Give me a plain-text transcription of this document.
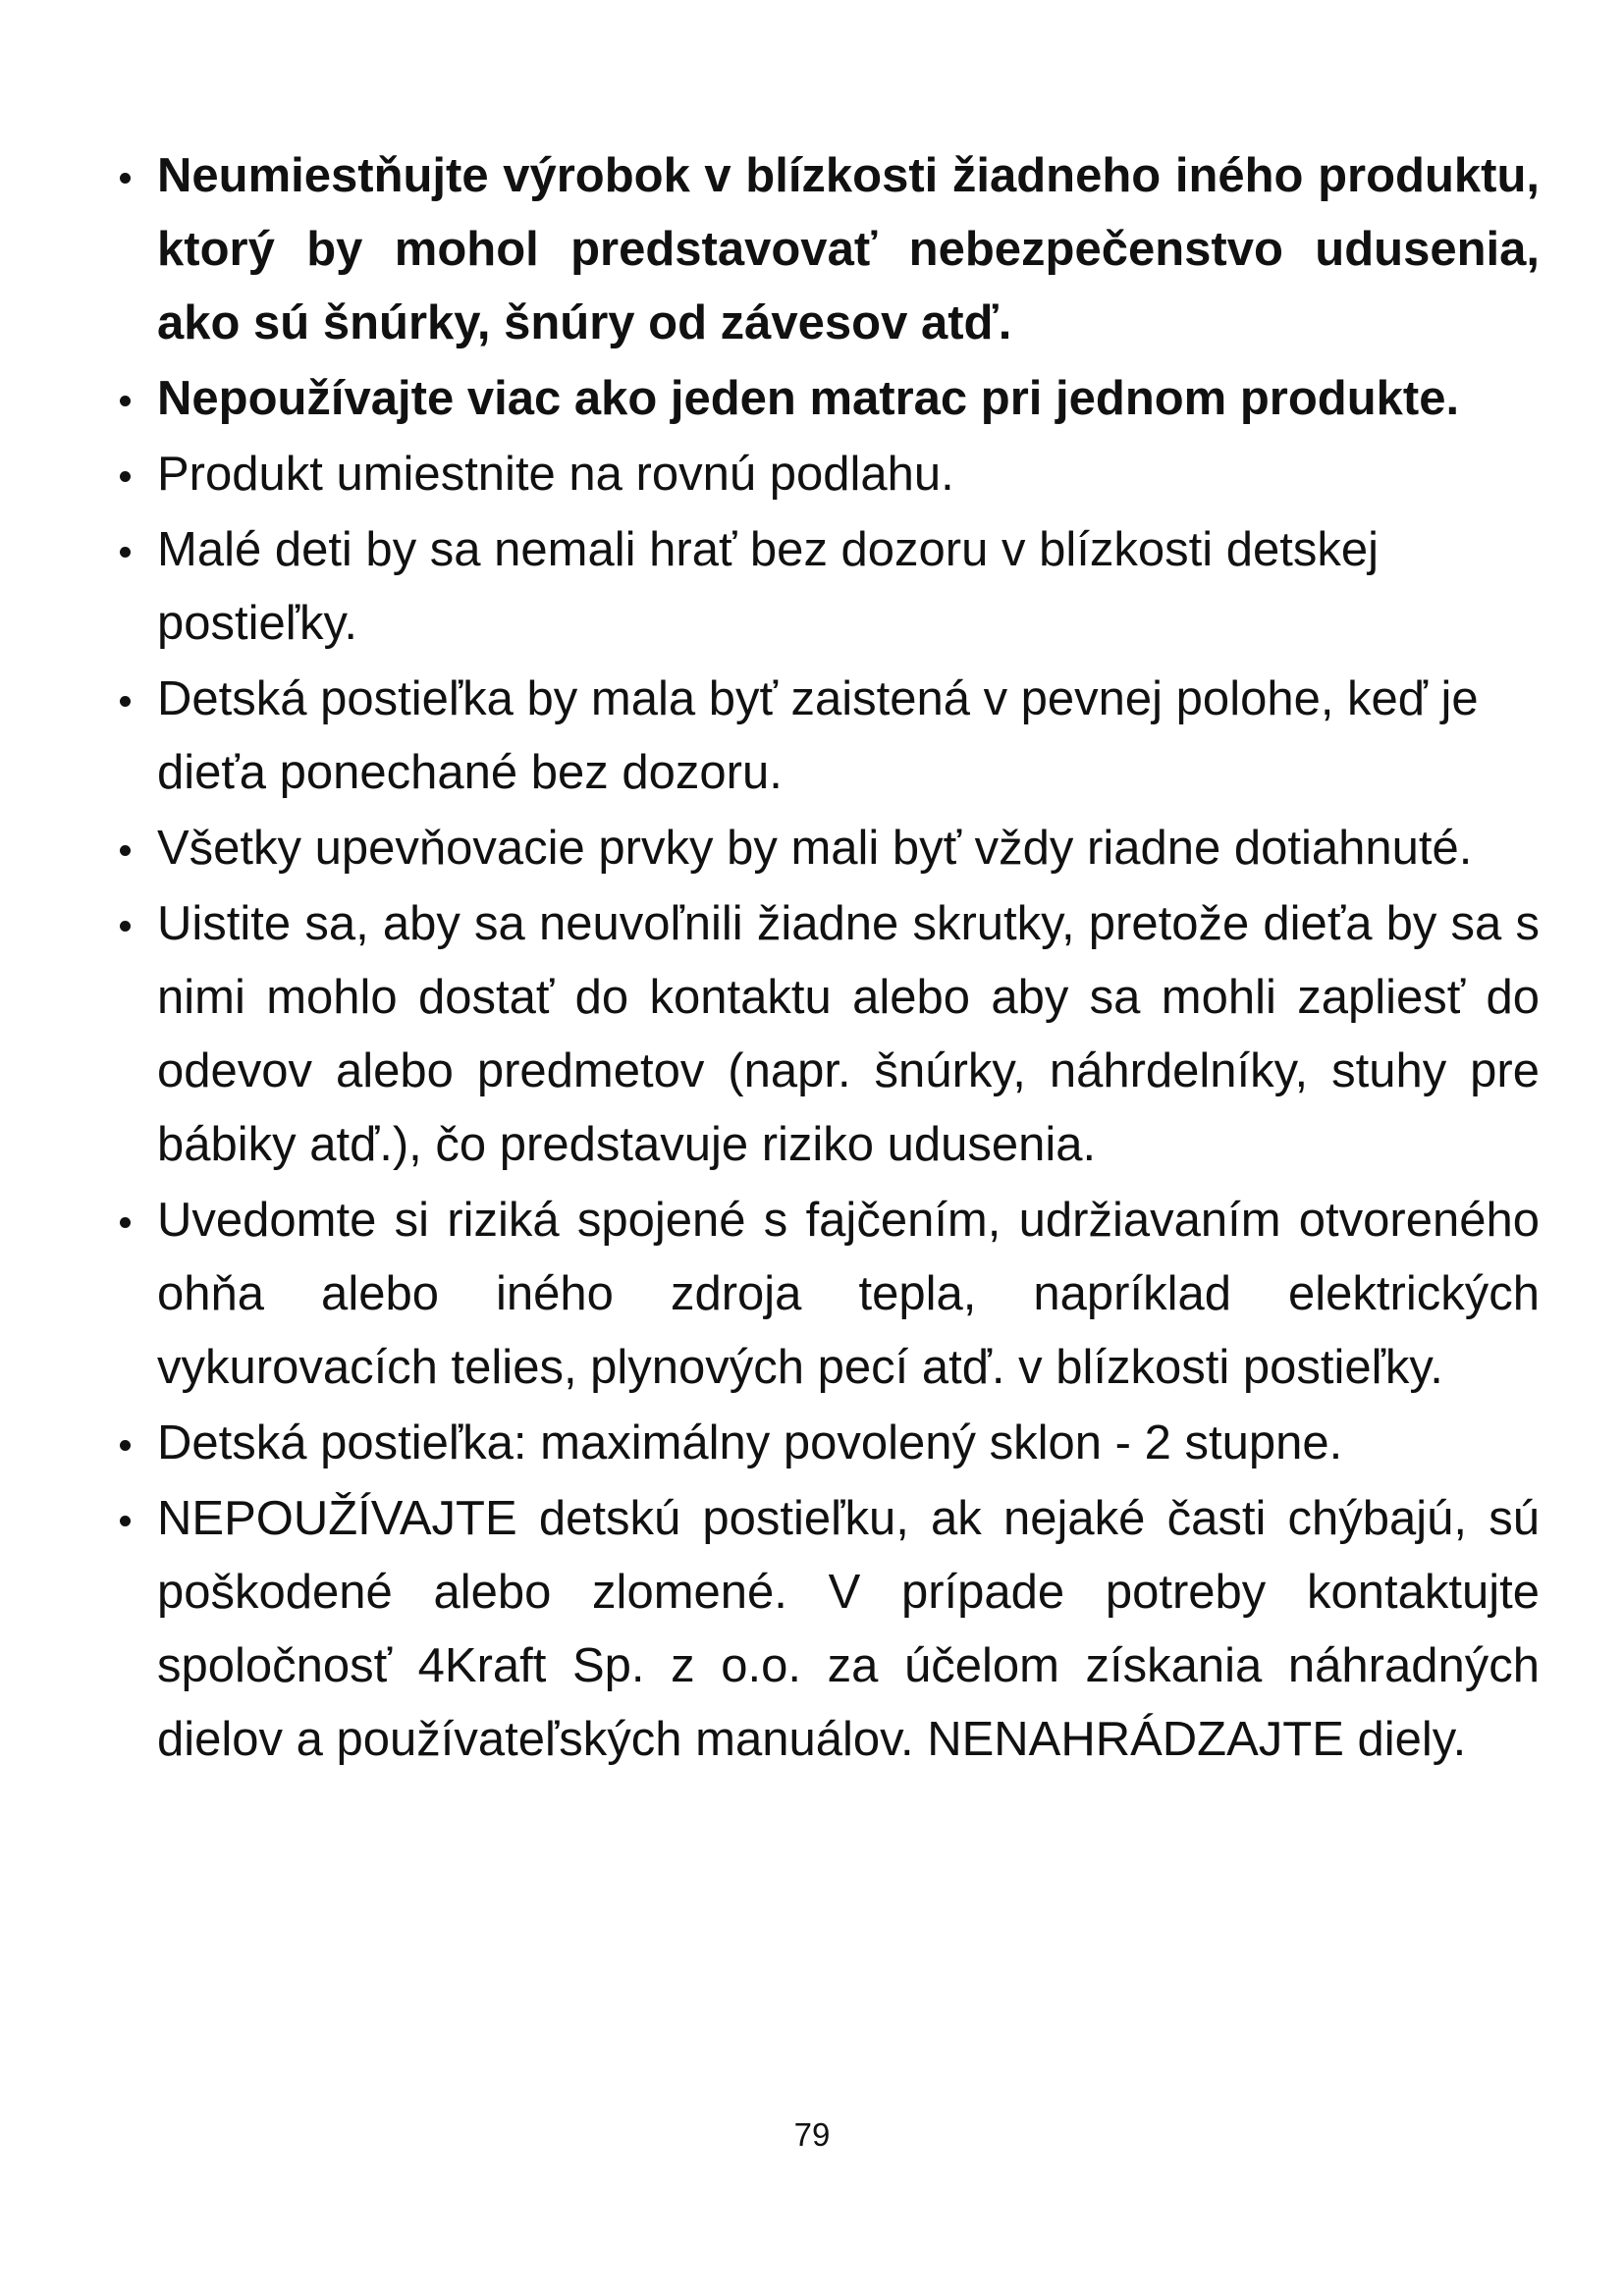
Neumiestňujte výrobok v blízkosti žiadneho iného produktu, ktorý by mohol predstavovať nebezpečenstvo udusenia, ako sú šnúrky, šnúry od závesov atď.
Nepoužívajte viac ako jeden matrac pri jednom produkte.
Produkt umiestnite na rovnú podlahu.
Malé deti by sa nemali hrať bez dozoru v blízkosti detskej postieľky.
Detská postieľka by mala byť zaistená v pevnej polohe, keď je dieťa ponechané bez dozoru.
Všetky upevňovacie prvky by mali byť vždy riadne dotiahnuté.
Uistite sa, aby sa neuvoľnili žiadne skrutky, pretože dieťa by sa s nimi mohlo dostať do kontaktu alebo aby sa mohli zapliesť do odevov alebo predmetov (napr. šnúrky, náhrdelníky, stuhy pre bábiky atď.), čo predstavuje riziko udusenia.
Uvedomte si riziká spojené s fajčením, udržiavaním otvoreného ohňa alebo iného zdroja tepla, napríklad elektrických vykurovacích telies, plynových pecí atď. v blízkosti postieľky.
Detská postieľka: maximálny povolený sklon - 2 stupne.
NEPOUŽÍVAJTE detskú postieľku, ak nejaké časti chýbajú, sú poškodené alebo zlomené. V prípade potreby kontaktujte spoločnosť 4Kraft Sp. z o.o. za účelom získania náhradných dielov a používateľských manuálov. NENAHRÁDZAJTE diely.
79
